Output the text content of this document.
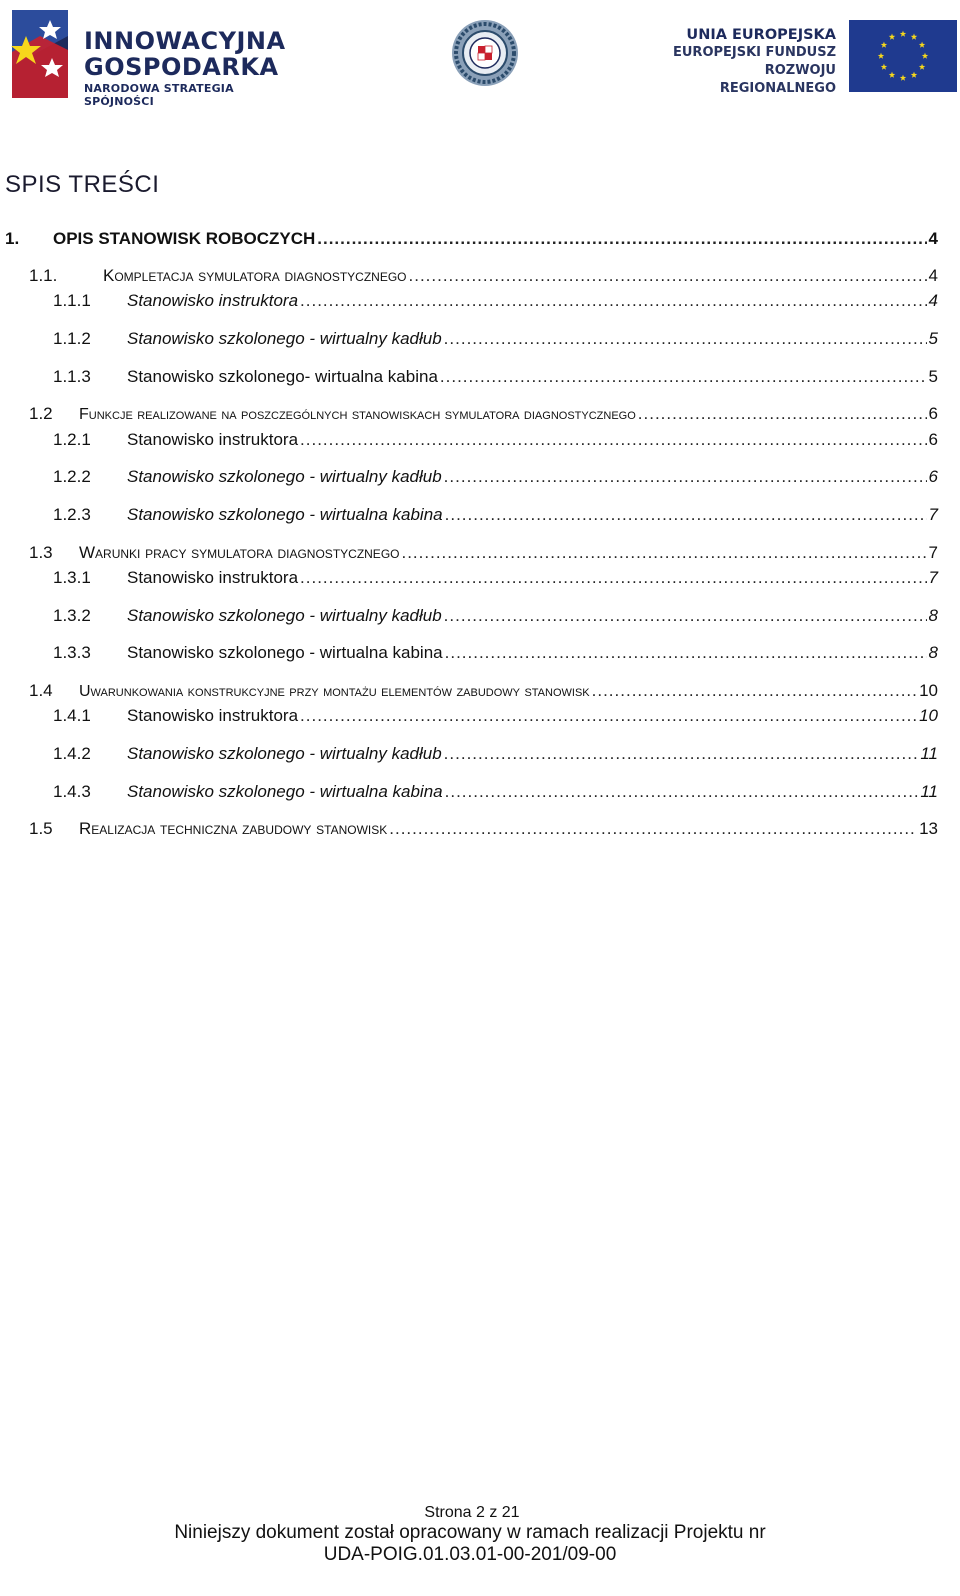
INNOWACYJNA
GOSPODARKA
NARODOWA STRATEGIA SPÓJNOŚCI
UNIA EUROPEJSKA
EUROPEJSKI FUNDUSZ
ROZWOJU REGIONALNEGO
SPIS TREŚCI
1.	OPIS STANOWISK ROBOCZYCH .....	4
1.1.	Kompletacja symulatora diagnostycznego .....	4
1.1.1	Stanowisko instruktora .....	4
1.1.2	Stanowisko szkolonego - wirtualny kadłub .....	5
1.1.3	Stanowisko szkolonego- wirtualna kabina .....	5
1.2	Funkcje realizowane na poszczególnych stanowiskach symulatora diagnostycznego .....	6
1.2.1	Stanowisko instruktora .....	6
1.2.2	Stanowisko szkolonego - wirtualny kadłub .....	6
1.2.3	Stanowisko szkolonego - wirtualna kabina .....	7
1.3	Warunki pracy symulatora diagnostycznego .....	7
1.3.1	Stanowisko instruktora .....	7
1.3.2	Stanowisko szkolonego - wirtualny kadłub .....	8
1.3.3	Stanowisko szkolonego - wirtualna kabina .....	8
1.4	Uwarunkowania konstrukcyjne przy montażu elementów zabudowy stanowisk .....	10
1.4.1	Stanowisko instruktora .....	10
1.4.2	Stanowisko szkolonego - wirtualny kadłub .....	11
1.4.3	Stanowisko szkolonego - wirtualna kabina .....	11
1.5	Realizacja techniczna zabudowy stanowisk .....	13
Strona 2 z 21
Niniejszy dokument został opracowany w ramach realizacji Projektu nr
UDA-POIG.01.03.01-00-201/09-00
